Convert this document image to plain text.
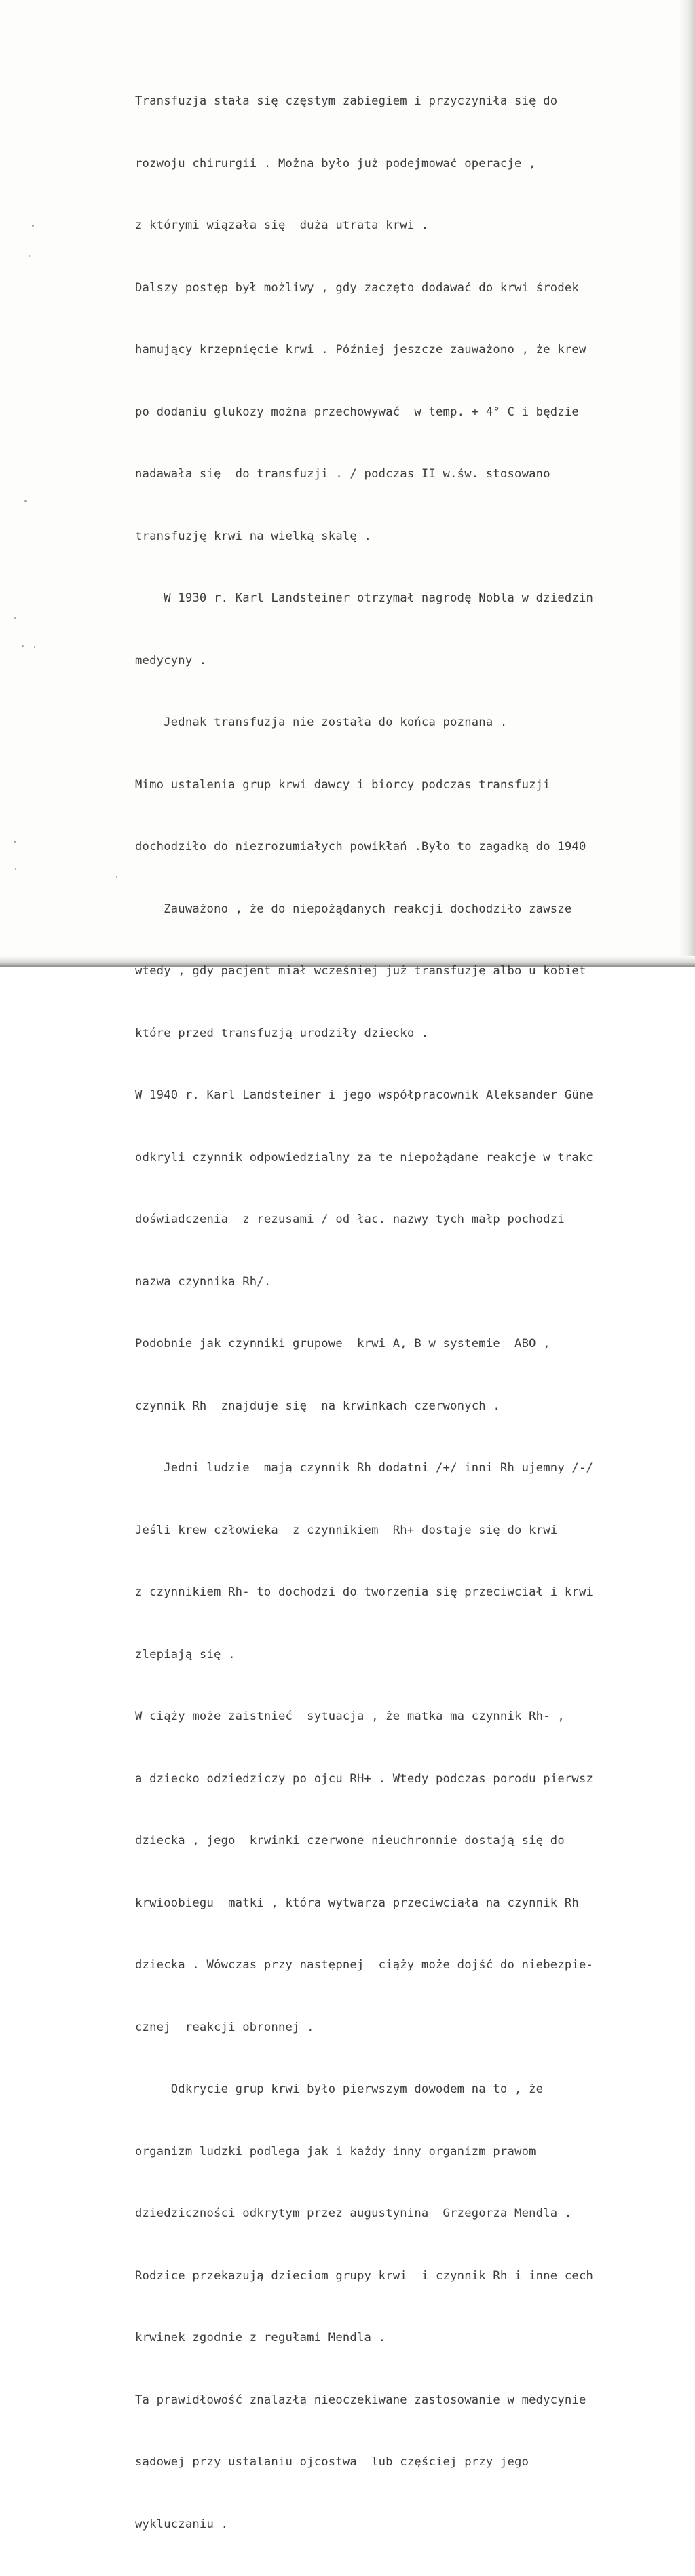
Transfuzja stała się częstym zabiegiem i przyczyniła się do

rozwoju chirurgii . Można było już podejmować operacje ,

z którymi wiązała się  duża utrata krwi .

Dalszy postęp był możliwy , gdy zaczęto dodawać do krwi środek

hamujący krzepnięcie krwi . Później jeszcze zauważono , że krew

po dodaniu glukozy można przechowywać  w temp. + 4° C i będzie

nadawała się  do transfuzji . / podczas II w.św. stosowano

transfuzję krwi na wielką skalę .

W 1930 r. Karl Landsteiner otrzymał nagrodę Nobla w dziedzin

medycyny .

Jednak transfuzja nie została do końca poznana .

Mimo ustalenia grup krwi dawcy i biorcy podczas transfuzji

dochodziło do niezrozumiałych powikłań .Było to zagadką do 1940

Zauważono , że do niepożądanych reakcji dochodziło zawsze

wtedy , gdy pacjent miał wcześniej już transfuzję albo u kobiet

które przed transfuzją urodziły dziecko .

W 1940 r. Karl Landsteiner i jego współpracownik Aleksander Güne

odkryli czynnik odpowiedzialny za te niepożądane reakcje w trakc

doświadczenia  z rezusami / od łac. nazwy tych małp pochodzi

nazwa czynnika Rh/.

Podobnie jak czynniki grupowe  krwi A, B w systemie  ABO ,

czynnik Rh  znajduje się  na krwinkach czerwonych .

Jedni ludzie  mają czynnik Rh dodatni /+/ inni Rh ujemny /-/

Jeśli krew człowieka  z czynnikiem  Rh+ dostaje się do krwi

z czynnikiem Rh- to dochodzi do tworzenia się przeciwciał i krwi

zlepiają się .

W ciąży może zaistnieć  sytuacja , że matka ma czynnik Rh- ,

a dziecko odziedziczy po ojcu RH+ . Wtedy podczas porodu pierwsz

dziecka , jego  krwinki czerwone nieuchronnie dostają się do

krwioobiegu  matki , która wytwarza przeciwciała na czynnik Rh

dziecka . Wówczas przy następnej  ciąży może dojść do niebezpie-

cznej  reakcji obronnej .

Odkrycie grup krwi było pierwszym dowodem na to , że

organizm ludzki podlega jak i każdy inny organizm prawom

dziedziczności odkrytym przez augustynina  Grzegorza Mendla .

Rodzice przekazują dzieciom grupy krwi  i czynnik Rh i inne cech

krwinek zgodnie z regułami Mendla .

Ta prawidłowość znalazła nieoczekiwane zastosowanie w medycynie

sądowej przy ustalaniu ojcostwa  lub częściej przy jego

wykluczaniu .
